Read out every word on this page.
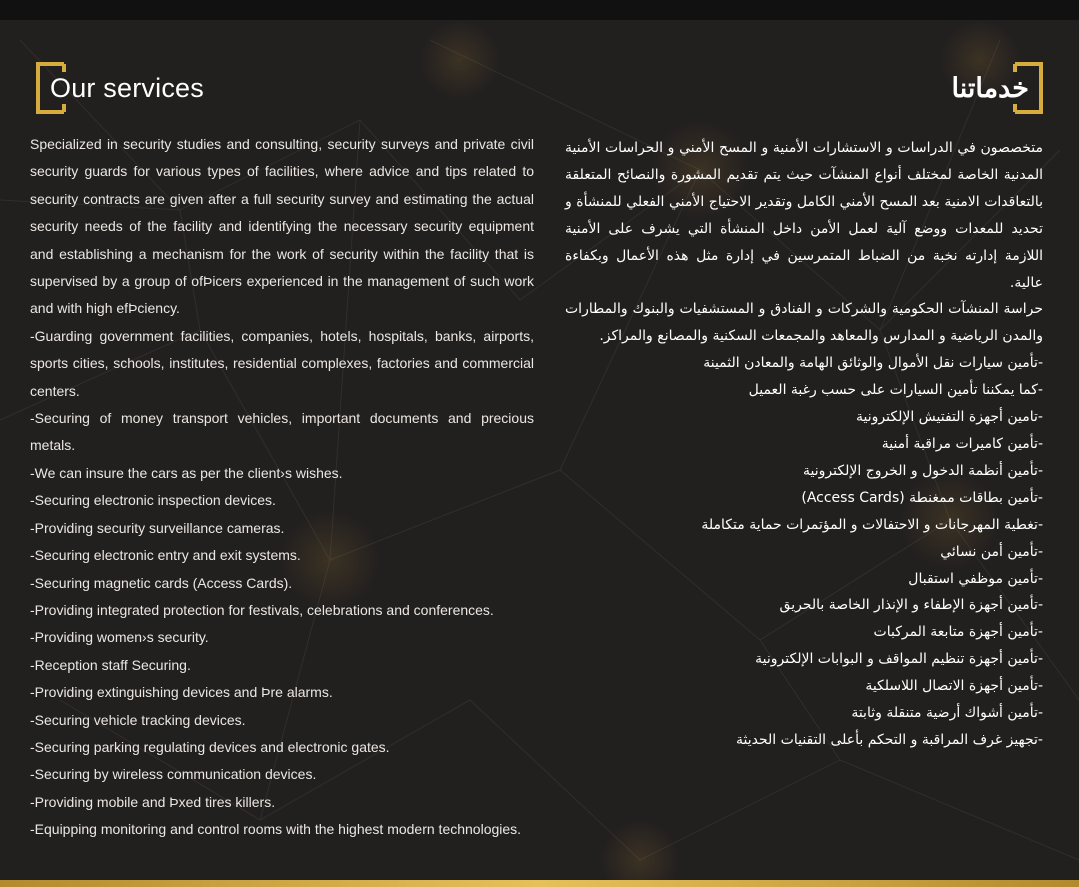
Our services	خدماتنا

Specialized in security studies and consulting, security surveys and private civil security guards for various types of facilities, where advice and tips related to security contracts are given after a full security survey and estimating the actual security needs of the facility and identifying the necessary security equipment and establishing a mechanism for the work of security within the facility that is supervised by a group of ofÞicers experienced in the management of such work and with high efÞciency.

-Guarding government facilities, companies, hotels, hospitals, banks, airports, sports cities, schools, institutes, residential complexes, factories and commercial centers.

-Securing of money transport vehicles, important documents and precious metals.

-We can insure the cars as per the client›s wishes.

-Securing electronic inspection devices.

-Providing security surveillance cameras.

-Securing electronic entry and exit systems.

-Securing magnetic cards (Access Cards).

-Providing integrated protection for festivals, celebrations and conferences.

-Providing women›s security.

-Reception staff Securing.

-Providing extinguishing devices and Þre alarms.

-Securing vehicle tracking devices.

-Securing parking regulating devices and electronic gates.

-Securing by wireless communication devices.

-Providing mobile and Þxed tires killers.

-Equipping monitoring and control rooms with the highest modern technologies.

متخصصون في الدراسات و الاستشارات الأمنية و المسح الأمني و الحراسات الأمنية المدنية الخاصة لمختلف أنواع المنشآت حيث يتم تقديم المشورة والنصائح المتعلقة بالتعاقدات الامنية بعد المسح الأمني الكامل وتقدير الاحتياج الأمني الفعلي للمنشأة و تحديد للمعدات ووضع آلية لعمل الأمن داخل المنشأة التي يشرف على الأمنية اللازمة إدارته نخبة من الضباط المتمرسين في إدارة مثل هذه الأعمال وبكفاءة عالية.

حراسة المنشآت الحكومية والشركات و الفنادق و المستشفيات والبنوك والمطارات والمدن الرياضية و المدارس والمعاهد والمجمعات السكنية والمصانع والمراكز.

-تأمين سيارات نقل الأموال والوثائق الهامة والمعادن الثمينة

-كما يمكننا تأمين السيارات على حسب رغبة العميل

-تامين أجهزة التفتيش الإلكترونية

-تأمين كاميرات مراقبة أمنية

-تأمين أنظمة الدخول و الخروج الإلكترونية

-تأمين بطاقات ممغنطة (Access Cards)

-تغطية المهرجانات و الاحتفالات و المؤتمرات حماية متكاملة

-تأمين أمن نسائي

-تأمين موظفي استقبال

-تأمين أجهزة الإطفاء و الإنذار الخاصة بالحريق

-تأمين أجهزة متابعة المركبات

-تأمين أجهزة تنظيم المواقف و البوابات الإلكترونية

-تأمين أجهزة الاتصال اللاسلكية

-تأمين أشواك أرضية متنقلة وثابتة

-تجهيز غرف المراقبة و التحكم بأعلى التقنيات الحديثة
